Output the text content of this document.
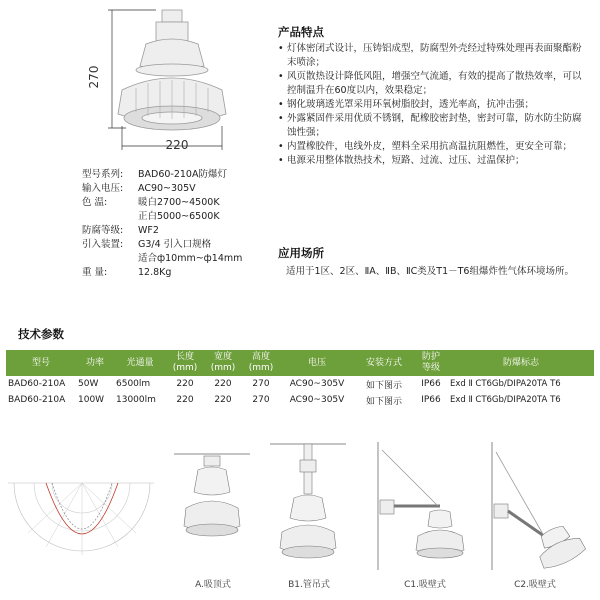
270
220
型号系列: BAD60-210A防爆灯
输入电压: AC90~305V
色 温:	暖白2700~4500K
正白5000~6500K
防腐等级: WF2
引入装置: G3/4 引入口规格
适合ф10mm~ф14mm
重 量:	12.8Kg
产品特点
• 灯体密闭式设计，压铸铝成型，防腐型外壳经过特殊处理再表面聚酯粉末喷涂；
• 风页散热设计降低风阻，增强空气流通，有效的提高了散热效率，可以控制温升在60度以内，效果稳定；
• 钢化玻璃透光罩采用环氧树脂胶封，透光率高，抗冲击强；
• 外露紧固件采用优质不锈钢，配橡胶密封垫，密封可靠，防水防尘防腐蚀性强；
• 内置橡胶件，电线外皮，塑料全采用抗高温抗阻燃性，更安全可靠；
• 电源采用整体散热技术，短路、过流、过压、过温保护；
应用场所
适用于1区、2区、ⅡA、ⅡB、ⅡC类及T1－T6组爆炸性气体环境场所。
技术参数
型号	功率	光通量	长度
(mm)	宽度
(mm)	高度
(mm)	电压	安装方式	防护
等级	防爆标志
BAD60-210A	50W	6500lm	220	220	270	AC90~305V	如下图示	IP66	Exd Ⅱ CT6Gb/DIPA20TA T6
BAD60-210A	100W	13000lm	220	220	270	AC90~305V	如下图示	IP66	Exd Ⅱ CT6Gb/DIPA20TA T6
A.吸顶式	B1.管吊式	C1.吸壁式	C2.吸壁式
